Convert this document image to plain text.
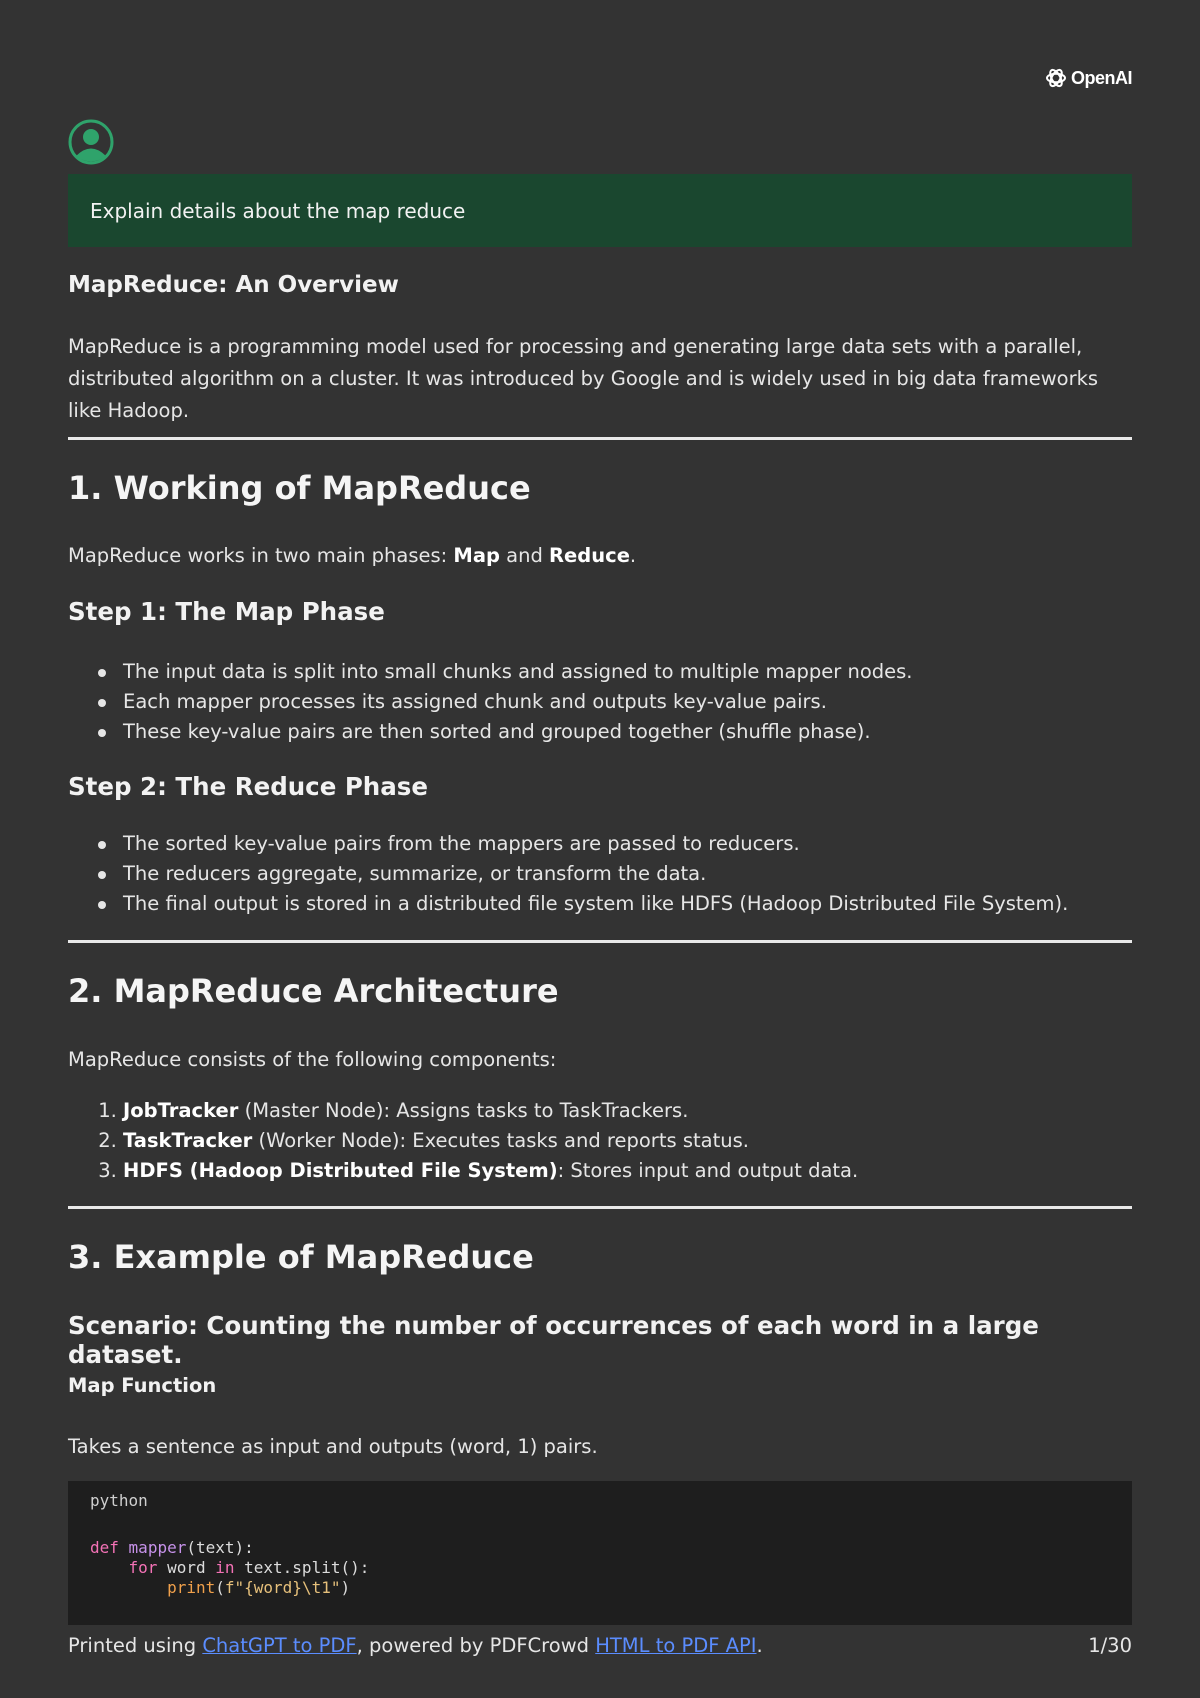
OpenAI
Explain details about the map reduce
MapReduce: An Overview

MapReduce is a programming model used for processing and generating large data sets with a parallel, distributed algorithm on a cluster. It was introduced by Google and is widely used in big data frameworks like Hadoop.

1. Working of MapReduce

MapReduce works in two main phases: Map and Reduce.

Step 1: The Map Phase
The input data is split into small chunks and assigned to multiple mapper nodes.
Each mapper processes its assigned chunk and outputs key-value pairs.
These key-value pairs are then sorted and grouped together (shuffle phase).
Step 2: The Reduce Phase
The sorted key-value pairs from the mappers are passed to reducers.
The reducers aggregate, summarize, or transform the data.
The final output is stored in a distributed file system like HDFS (Hadoop Distributed File System).
2. MapReduce Architecture

MapReduce consists of the following components:

1. JobTracker (Master Node): Assigns tasks to TaskTrackers.
2. TaskTracker (Worker Node): Executes tasks and reports status.
3. HDFS (Hadoop Distributed File System): Stores input and output data.
3. Example of MapReduce
Scenario: Counting the number of occurrences of each word in a large dataset.
Map Function

Takes a sentence as input and outputs (word, 1) pairs.

python
def mapper(text):
for word in text.split():
print(f"{word}\t1")
Printed using ChatGPT to PDF, powered by PDFCrowd HTML to PDF API.	1/30
